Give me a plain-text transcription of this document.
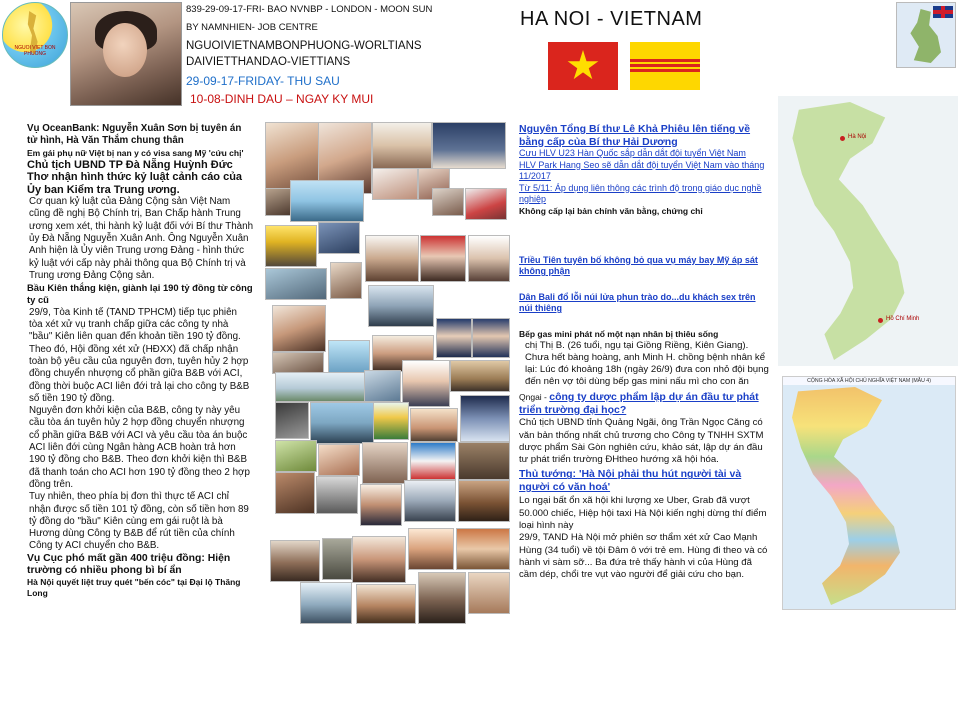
NGUOI VIET BON PHUONG
839-29-09-17-FRI- BAO NVNBP - LONDON - MOON SUN
BY NAMNHIEN- JOB CENTRE
NGUOIVIETNAMBONPHUONG-WORLTIANS
DAIVIETTHANDAO-VIETTIANS
29-09-17-FRIDAY- THU SAU
10-08-DINH DAU – NGAY KY MUI
HA NOI - VIETNAM

Vụ OceanBank: Nguyễn Xuân Sơn bị tuyên án tử hình, Hà Văn Thắm chung thân

Em gái phụ nữ Việt bị nan y có visa sang Mỹ 'cứu chị'

Chủ tịch UBND TP Đà Nẵng Huỳnh Đức Thơ nhận hình thức kỷ luật cảnh cáo của Ủy ban Kiểm tra Trung ương.

Cơ quan kỷ luật của Đảng Cộng sản Việt Nam cũng đề nghị Bộ Chính trị, Ban Chấp hành Trung ương xem xét, thi hành kỷ luật đối với Bí thư Thành ủy Đà Nẵng Nguyễn Xuân Anh. Ông Nguyễn Xuân Anh hiện là Ủy viên Trung ương Đảng - hình thức kỷ luật với cấp này phải thông qua Bộ Chính trị và Trung ương Đảng Cộng sản.

Bầu Kiên thắng kiện, giành lại 190 tỷ đồng từ công ty cũ

29/9, Tòa Kinh tế (TAND TPHCM) tiếp tục phiên tòa xét xử vụ tranh chấp giữa các công ty nhà "bầu" Kiên liên quan đến khoản tiền 190 tỷ đồng.

Theo đó, Hội đồng xét xử (HĐXX) đã chấp nhận toàn bộ yêu cầu của nguyên đơn, tuyên hủy 2 hợp đồng chuyển nhượng cổ phần giữa B&B với ACI, đồng thời buộc ACI liên đới trả lại cho công ty B&B số tiền 190 tỷ đồng.

Nguyên đơn khởi kiện của B&B, công ty này yêu cầu tòa án tuyên hủy 2 hợp đồng chuyển nhượng cổ phần giữa B&B với ACI và yêu cầu tòa án buộc ACI liên đới cùng Ngân hàng ACB hoàn trả hơn 190 tỷ đồng cho B&B. Theo đơn khởi kiện thì B&B đã thanh toán cho ACI hơn 190 tỷ đồng theo 2 hợp đồng trên.

Tuy nhiên, theo phía bị đơn thì thực tế ACI chỉ nhận được số tiền 101 tỷ đồng, còn số tiền hơn 89 tỷ đồng do "bầu" Kiên cùng em gái ruột là bà Hương dùng Công ty B&B để rút tiền của chính Công ty ACI chuyển cho B&B.

Vụ Cục phó mất gần 400 triệu đồng: Hiện trường có nhiều phong bì bí ẩn

Hà Nội quyết liệt truy quét "bến cóc" tại Đại lộ Thăng Long

Nguyên Tổng Bí thư Lê Khả Phiêu lên tiếng về bằng cấp của Bí thư Hải Dương

Cựu HLV U23 Hàn Quốc sắp dẫn dắt đội tuyển Việt Nam

HLV Park Hang Seo sẽ dẫn dắt đội tuyển Việt Nam vào tháng 11/2017

Từ 5/11: Áp dụng liên thông các trình độ trong giáo dục nghề nghiệp

Không cấp lại bản chính văn bằng, chứng chỉ

Triều Tiên tuyên bố không bỏ qua vụ máy bay Mỹ áp sát không phận

Dân Bali đổ lỗi núi lửa phun trào do...du khách sex trên núi thiêng

Bếp gas mini phát nổ một nạn nhân bị thiêu sống

chị Thị B. (26 tuổi, ngụ tại Giồng Riềng, Kiên Giang). Chưa hết bàng hoàng, anh Minh H. chồng bệnh nhân kể lại: Lúc đó khoảng 18h (ngày 26/9) đưa con nhỏ đội bụng đến nên vợ tôi dùng bếp gas mini nấu mì cho con ăn

Qngai - công ty dược phẩm lập dự án đầu tư phát triển trường đại học?

Chủ tịch UBND tỉnh Quảng Ngãi, ông Trần Ngọc Căng có văn bản thống nhất chủ trương cho Công ty TNHH SXTM dược phẩm Sài Gòn nghiên cứu, khảo sát, lập dự án đầu tư phát triển trường ĐHtheo hướng xã hội hóa.

Thủ tướng: 'Hà Nội phải thu hút người tài và người có văn hoá'

Lo ngại bất ổn xã hội khi lượng xe Uber, Grab đã vượt 50.000 chiếc, Hiệp hội taxi Hà Nội kiến nghị dừng thí điểm loại hình này

29/9, TAND Hà Nội mở phiên sơ thẩm xét xử Cao Mạnh Hùng (34 tuổi) về tội Đâm ô với trẻ em. Hùng đi theo và có hành vi sàm sỡ... Ba đứa trẻ thấy hành vi của Hùng đã cầm dép, chổi tre vụt vào người để giải cứu cho bạn.

Hà Nội
Hồ Chí Minh
CỘNG HÒA XÃ HỘI CHỦ NGHĨA VIỆT NAM (MẪU 4)
